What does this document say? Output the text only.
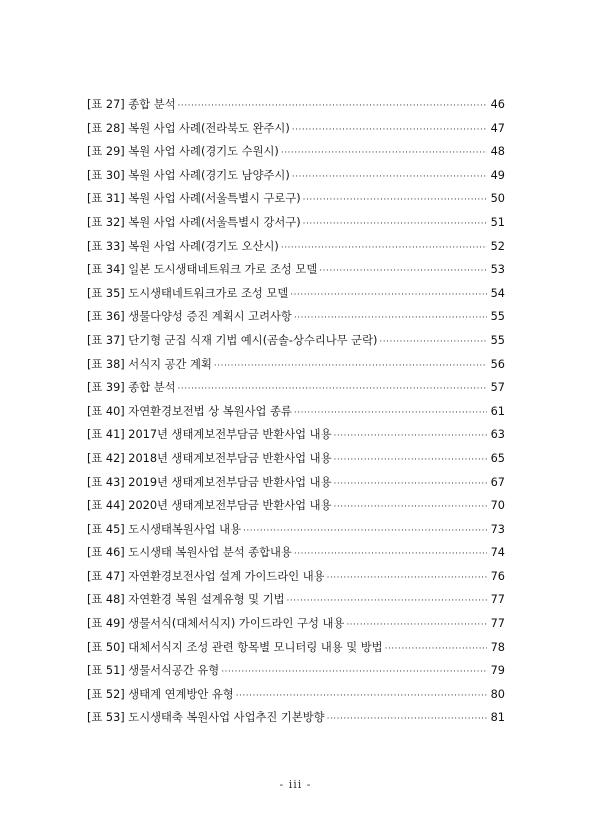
[표 27] 종합 분석 ·····	46
[표 28] 복원 사업 사례(전라북도 완주시) ·····	47
[표 29] 복원 사업 사례(경기도 수원시) ·····	48
[표 30] 복원 사업 사례(경기도 남양주시) ·····	49
[표 31] 복원 사업 사례(서울특별시 구로구) ·····	50
[표 32] 복원 사업 사례(서울특별시 강서구) ·····	51
[표 33] 복원 사업 사례(경기도 오산시) ·····	52
[표 34] 일본 도시생태네트워크 가로 조성 모델 ·····	53
[표 35] 도시생태네트워크가로 조성 모델 ·····	54
[표 36] 생물다양성 증진 계획시 고려사항 ·····	55
[표 37] 단기형 군집 식재 기법 예시(곰솔-상수리나무 군락) ·····	55
[표 38] 서식지 공간 계획 ·····	56
[표 39] 종합 분석 ·····	57
[표 40] 자연환경보전법 상 복원사업 종류 ·····	61
[표 41] 2017년 생태계보전부담금 반환사업 내용 ·····	63
[표 42] 2018년 생태계보전부담금 반환사업 내용 ·····	65
[표 43] 2019년 생태계보전부담금 반환사업 내용 ·····	67
[표 44] 2020년 생태계보전부담금 반환사업 내용 ·····	70
[표 45] 도시생태복원사업 내용 ·····	73
[표 46] 도시생태 복원사업 분석 종합내용 ·····	74
[표 47] 자연환경보전사업 설계 가이드라인 내용 ·····	76
[표 48] 자연환경 복원 설계유형 및 기법 ·····	77
[표 49] 생물서식(대체서식지) 가이드라인 구성 내용 ·····	77
[표 50] 대체서식지 조성 관련 항목별 모니터링 내용 및 방법 ·····	78
[표 51] 생물서식공간 유형 ·····	79
[표 52] 생태계 연계방안 유형 ·····	80
[표 53] 도시생태축 복원사업 사업추진 기본방향 ·····	81
- iii -
